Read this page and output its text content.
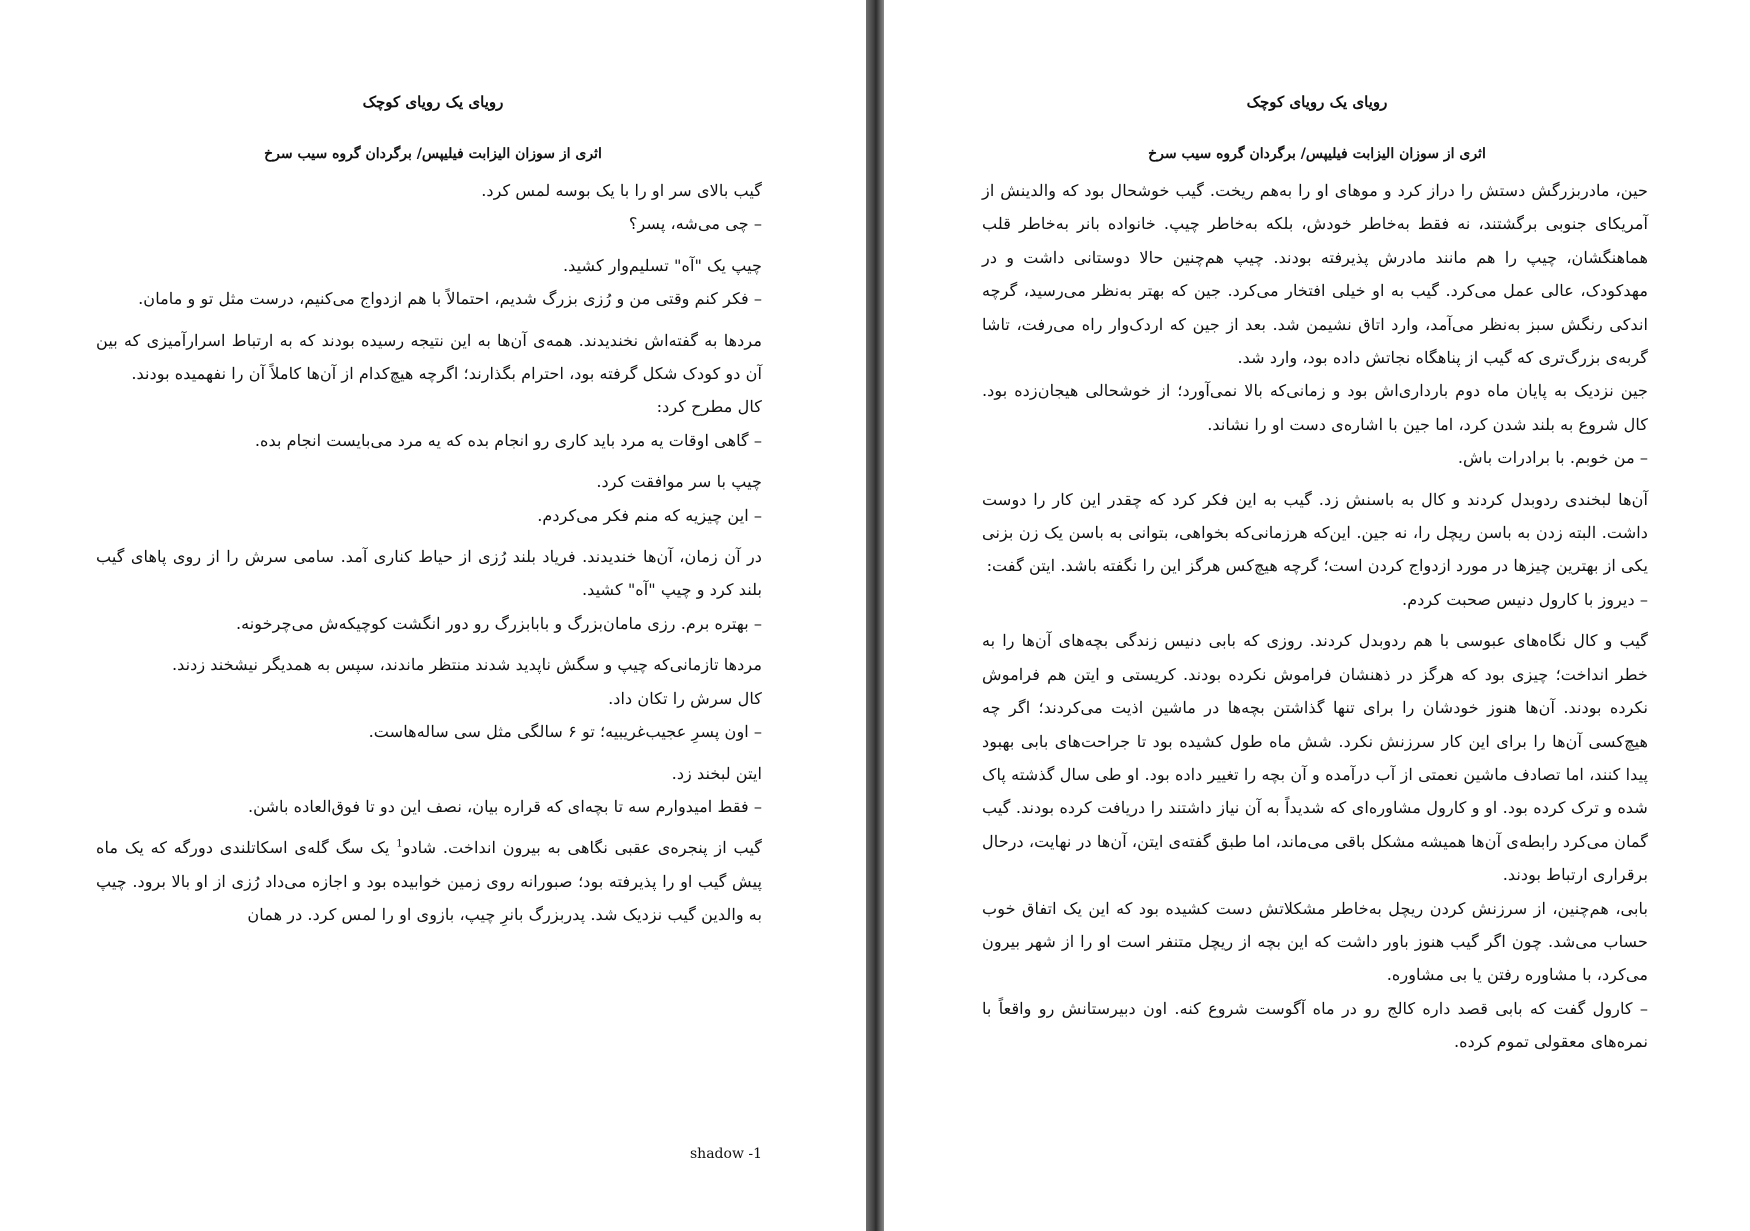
رویای یک رویای کوچک
اثری از سوزان الیزابت فیلیپس/ برگردان گروه سیب سرخ

گیب بالای سر او را با یک بوسه لمس کرد.

– چی می‌شه، پسر؟

چیپ یک "آه" تسلیم‌وار کشید.

– فکر کنم وقتی من و رُزی بزرگ شدیم، احتمالاً با هم ازدواج می‌کنیم، درست مثل تو و مامان.

مردها به گفته‌اش نخندیدند. همه‌ی آن‌ها به این نتیجه رسیده بودند که به ارتباط اسرارآمیزی که بین آن دو کودک شکل گرفته بود، احترام بگذارند؛ اگرچه هیچ‌کدام از آن‌ها کاملاً آن را نفهمیده بودند.

کال مطرح کرد:

– گاهی اوقات یه مرد باید کاری رو انجام بده که یه مرد می‌بایست انجام بده.

چیپ با سر موافقت کرد.

– این چیزیه که منم فکر می‌کردم.

در آن زمان، آن‌ها خندیدند. فریاد بلند رُزی از حیاط کناری آمد. سامی سرش را از روی پاهای گیب بلند کرد و چیپ "آه" کشید.

– بهتره برم. رزی مامان‌بزرگ و بابابزرگ رو دور انگشت کوچیکه‌ش می‌چرخونه.

مردها تازمانی‌که چیپ و سگش ناپدید شدند منتظر ماندند، سپس به همدیگر نیشخند زدند.

کال سرش را تکان داد.

– اون پسرِ عجیب‌غریبیه؛ تو ۶ سالگی مثل سی ساله‌هاست.

ایتن لبخند زد.

– فقط امیدوارم سه تا بچه‌ای که قراره بیان، نصف این دو تا فوق‌العاده باشن.

گیب از پنجره‌ی عقبی نگاهی به بیرون انداخت. شادو$^1$ یک سگ گله‌ی اسکاتلندی دورگه که یک ماه پیش گیب او را پذیرفته بود؛ صبورانه روی زمین خوابیده بود و اجازه می‌داد رُزی از او بالا برود. چیپ به والدین گیب نزدیک شد. پدربزرگ بانرِ چیپ، بازوی او را لمس کرد. در همان

shadow -1
رویای یک رویای کوچک
اثری از سوزان الیزابت فیلیپس/ برگردان گروه سیب سرخ

حین، مادربزرگش دستش را دراز کرد و موهای او را به‌هم ریخت. گیب خوشحال بود که والدینش از آمریکای جنوبی برگشتند، نه فقط به‌خاطر خودش، بلکه به‌خاطر چیپ. خانواده بانر به‌خاطر قلب هماهنگشان، چیپ را هم مانند مادرش پذیرفته بودند. چیپ هم‌چنین حالا دوستانی داشت و در مهدکودک، عالی عمل می‌کرد. گیب به او خیلی افتخار می‌کرد. جین که بهتر به‌نظر می‌رسید، گرچه اندکی رنگش سبز به‌نظر می‌آمد، وارد اتاق نشیمن شد. بعد از جین که اردک‌وار راه می‌رفت، تاشا گربه‌ی بزرگ‌تری که گیب از پناهگاه نجاتش داده بود، وارد شد.

جین نزدیک به پایان ماه دوم بارداری‌اش بود و زمانی‌که بالا نمی‌آورد؛ از خوشحالی هیجان‌زده بود. کال شروع به بلند شدن کرد، اما جین با اشاره‌ی دست او را نشاند.

– من خوبم. با برادرات باش.

آن‌ها لبخندی ردوبدل کردند و کال به باسنش زد. گیب به این فکر کرد که چقدر این کار را دوست داشت. البته زدن به باسن ریچل را، نه جین. این‌که هرزمانی‌که بخواهی، بتوانی به باسن یک زن بزنی یکی از بهترین چیزها در مورد ازدواج کردن است؛ گرچه هیچ‌کس هرگز این را نگفته باشد. ایتن گفت:

– دیروز با کارول دنیس صحبت کردم.

گیب و کال نگاه‌های عبوسی با هم ردوبدل کردند. روزی که بابی دنیس زندگی بچه‌های آن‌ها را به خطر انداخت؛ چیزی بود که هرگز در ذهنشان فراموش نکرده بودند. کریستی و ایتن هم فراموش نکرده بودند. آن‌ها هنوز خودشان را برای تنها گذاشتن بچه‌ها در ماشین اذیت می‌کردند؛ اگر چه هیچ‌کسی آن‌ها را برای این کار سرزنش نکرد. شش ماه طول کشیده بود تا جراحت‌های بابی بهبود پیدا کنند، اما تصادف ماشین نعمتی از آب درآمده و آن بچه را تغییر داده بود. او طی سال گذشته پاک شده و ترک کرده بود. او و کارول مشاوره‌ای که شدیداً به آن نیاز داشتند را دریافت کرده بودند. گیب گمان می‌کرد رابطه‌ی آن‌ها همیشه مشکل باقی می‌ماند، اما طبق گفته‌ی ایتن، آن‌ها در نهایت، درحال برقراری ارتباط بودند.

بابی، هم‌چنین، از سرزنش کردن ریچل به‌خاطر مشکلاتش دست کشیده بود که این یک اتفاق خوب حساب می‌شد. چون اگر گیب هنوز باور داشت که این بچه از ریچل متنفر است او را از شهر بیرون می‌کرد، با مشاوره رفتن یا بی مشاوره.

– کارول گفت که بابی قصد داره کالج رو در ماه آگوست شروع کنه. اون دبیرستانش رو واقعاً با نمره‌های معقولی تموم کرده.
